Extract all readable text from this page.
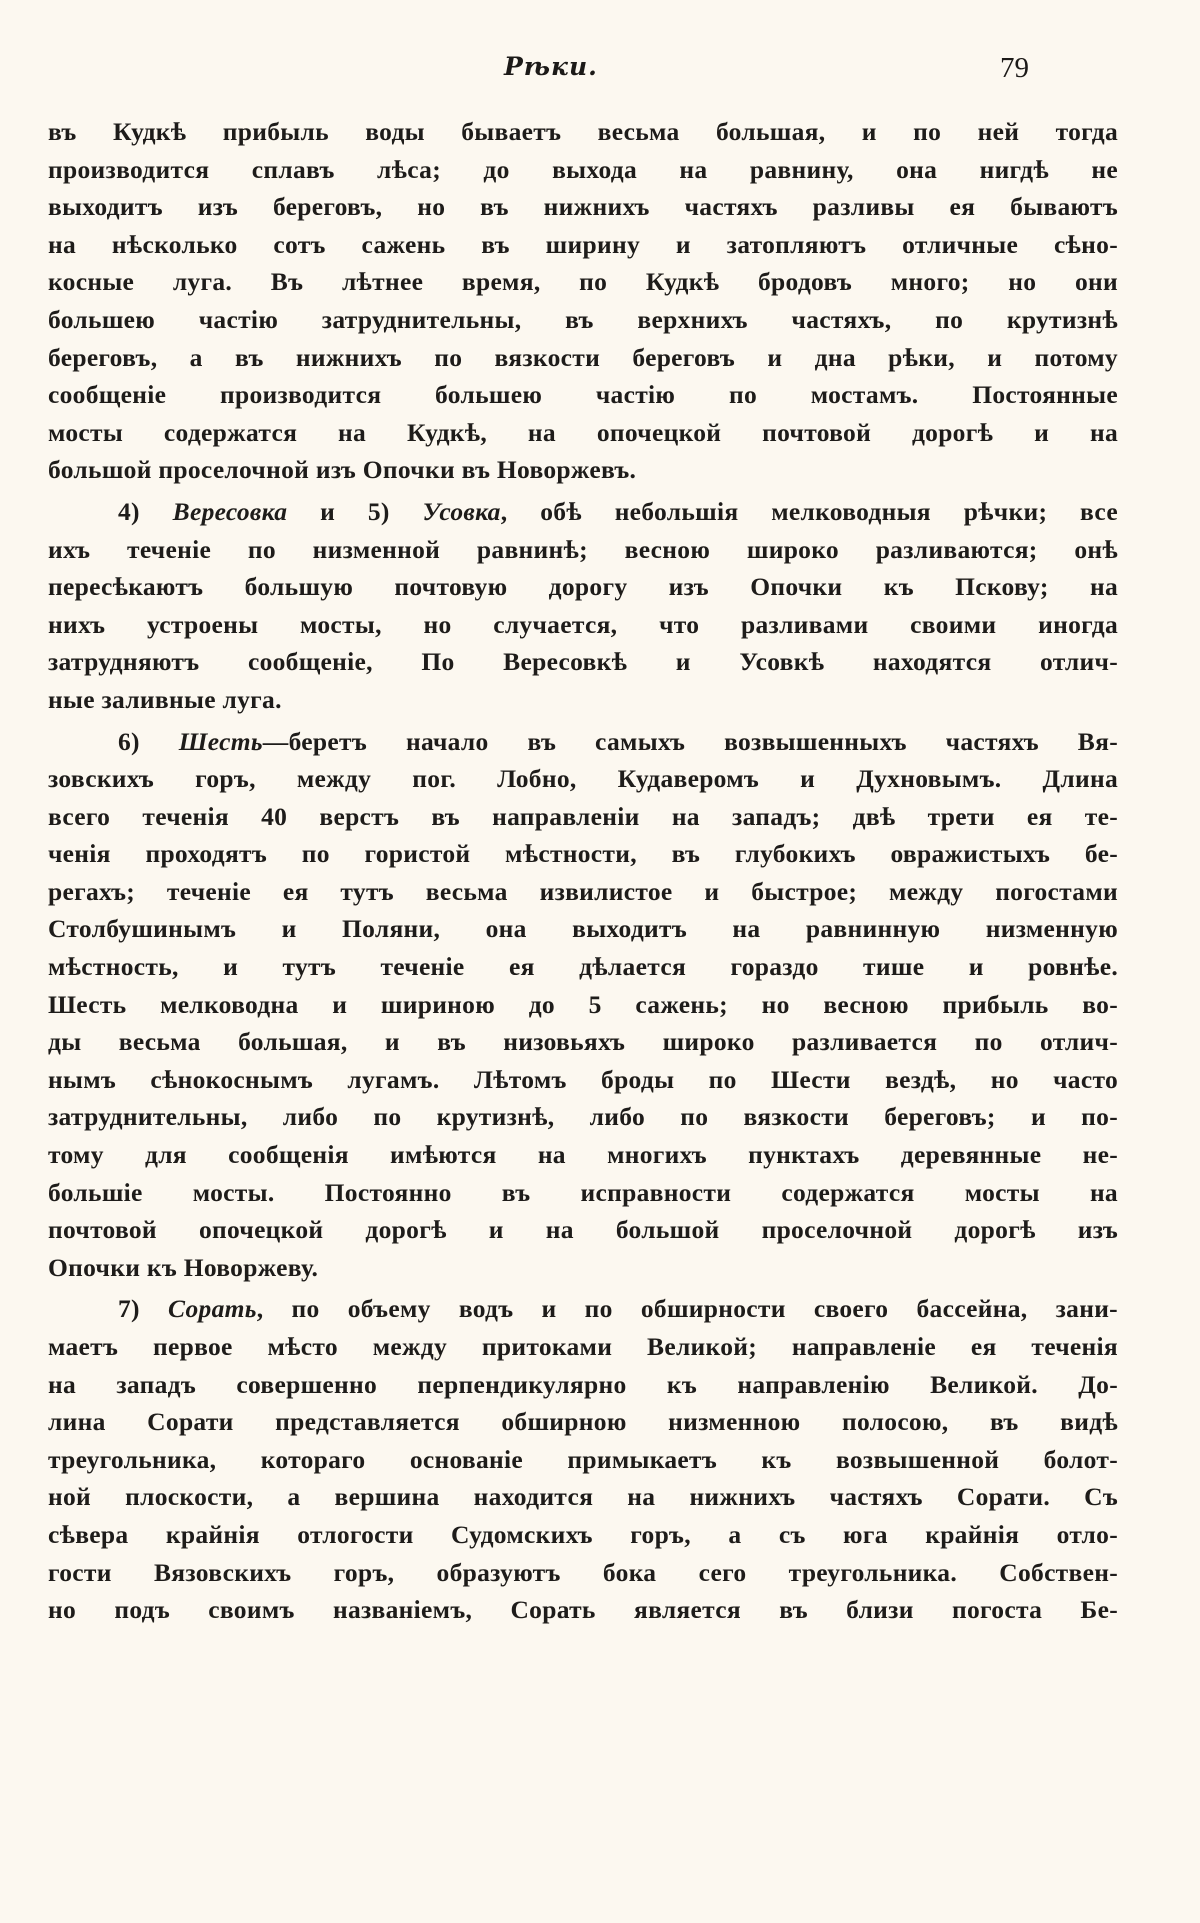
Рѣки.	79
въ Кудкѣ прибыль воды бываетъ весьма большая, и по ней тогда
производится сплавъ лѣса; до выхода на равнину, она нигдѣ не
выходитъ изъ береговъ, но въ нижнихъ частяхъ разливы ея бываютъ
на нѣсколько сотъ сажень въ ширину и затопляютъ отличные сѣно-
косные луга. Въ лѣтнее время, по Кудкѣ бродовъ много; но они
большею частію затруднительны, въ верхнихъ частяхъ, по крутизнѣ
береговъ, а въ нижнихъ по вязкости береговъ и дна рѣки, и потому
сообщеніе производится большею частію по мостамъ. Постоянные
мосты содержатся на Кудкѣ, на опочецкой почтовой дорогѣ и на
большой проселочной изъ Опочки въ Новоржевъ.
4) Вересовка и 5) Усовка, обѣ небольшія мелководныя рѣчки; все
ихъ теченіе по низменной равнинѣ; весною широко разливаются; онѣ
пересѣкаютъ большую почтовую дорогу изъ Опочки къ Пскову; на
нихъ устроены мосты, но случается, что разливами своими иногда
затрудняютъ сообщеніе, По Вересовкѣ и Усовкѣ находятся отлич-
ные заливные луга.
6) Шесть—беретъ начало въ самыхъ возвышенныхъ частяхъ Вя-
зовскихъ горъ, между пог. Лобно, Кудаверомъ и Духновымъ. Длина
всего теченія 40 верстъ въ направленіи на западъ; двѣ трети ея те-
ченія проходятъ по гористой мѣстности, въ глубокихъ овражистыхъ бе-
регахъ; теченіе ея тутъ весьма извилистое и быстрое; между погостами
Столбушинымъ и Поляни, она выходитъ на равнинную низменную
мѣстность, и тутъ теченіе ея дѣлается гораздо тише и ровнѣе.
Шесть мелководна и шириною до 5 сажень; но весною прибыль во-
ды весьма большая, и въ низовьяхъ широко разливается по отлич-
нымъ сѣнокоснымъ лугамъ. Лѣтомъ броды по Шести вездѣ, но часто
затруднительны, либо по крутизнѣ, либо по вязкости береговъ; и по-
тому для сообщенія имѣются на многихъ пунктахъ деревянные не-
большіе мосты. Постоянно въ исправности содержатся мосты на
почтовой опочецкой дорогѣ и на большой проселочной дорогѣ изъ
Опочки къ Новоржеву.
7) Сорать, по объему водъ и по обширности своего бассейна, зани-
маетъ первое мѣсто между притоками Великой; направленіе ея теченія
на западъ совершенно перпендикулярно къ направленію Великой. До-
лина Сорати представляется обширною низменною полосою, въ видѣ
треугольника, котораго основаніе примыкаетъ къ возвышенной болот-
ной плоскости, а вершина находится на нижнихъ частяхъ Сорати. Съ
сѣвера крайнія отлогости Судомскихъ горъ, а съ юга крайнія отло-
гости Вязовскихъ горъ, образуютъ бока сего треугольника. Собствен-
но подъ своимъ названіемъ, Сорать является въ близи погоста Бе-
